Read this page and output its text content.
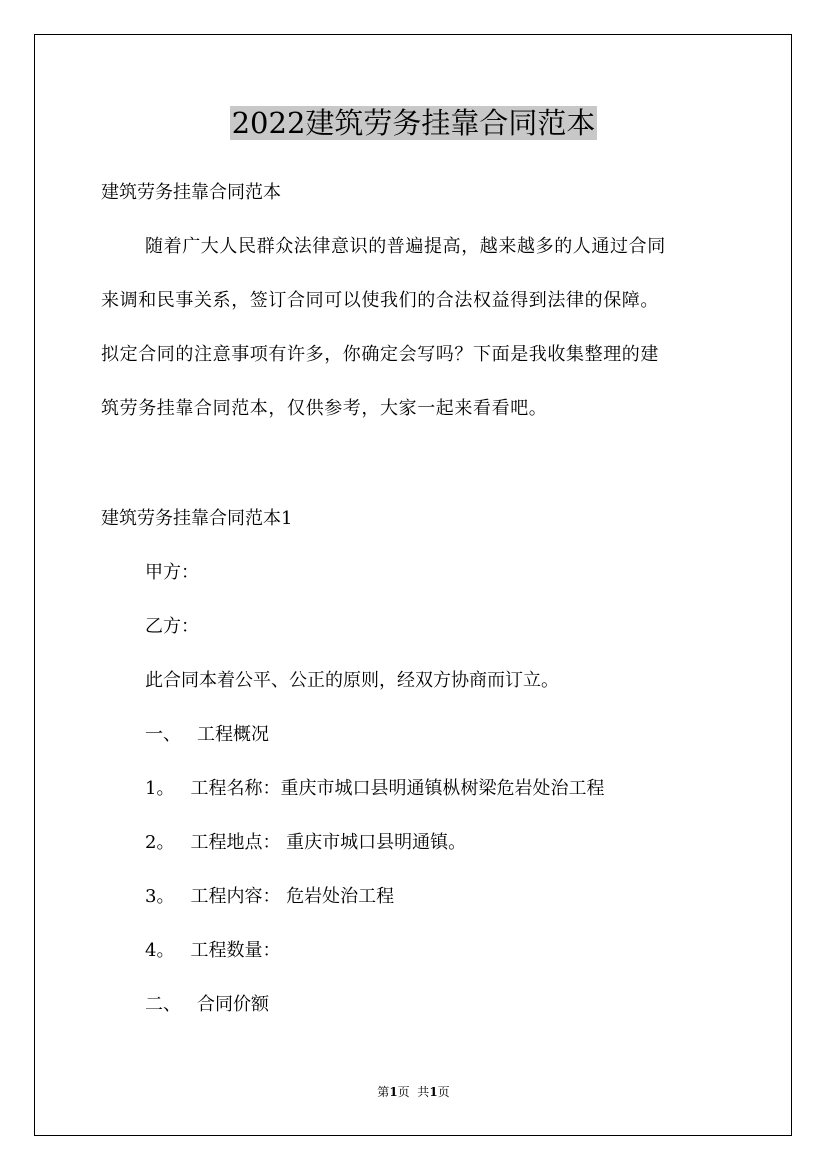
2022建筑劳务挂靠合同范本

建筑劳务挂靠合同范本

随着广大人民群众法律意识的普遍提高，越来越多的人通过合同

来调和民事关系，签订合同可以使我们的合法权益得到法律的保障。

拟定合同的注意事项有许多，你确定会写吗？下面是我收集整理的建

筑劳务挂靠合同范本，仅供参考，大家一起来看看吧。

建筑劳务挂靠合同范本1

甲方：

乙方：

此合同本着公平、公正的原则，经双方协商而订立。

一、 工程概况

1。 工程名称：重庆市城口县明通镇枞树梁危岩处治工程

2。 工程地点： 重庆市城口县明通镇。

3。 工程内容： 危岩处治工程

4。 工程数量：

二、 合同价额

第1页  共1页
